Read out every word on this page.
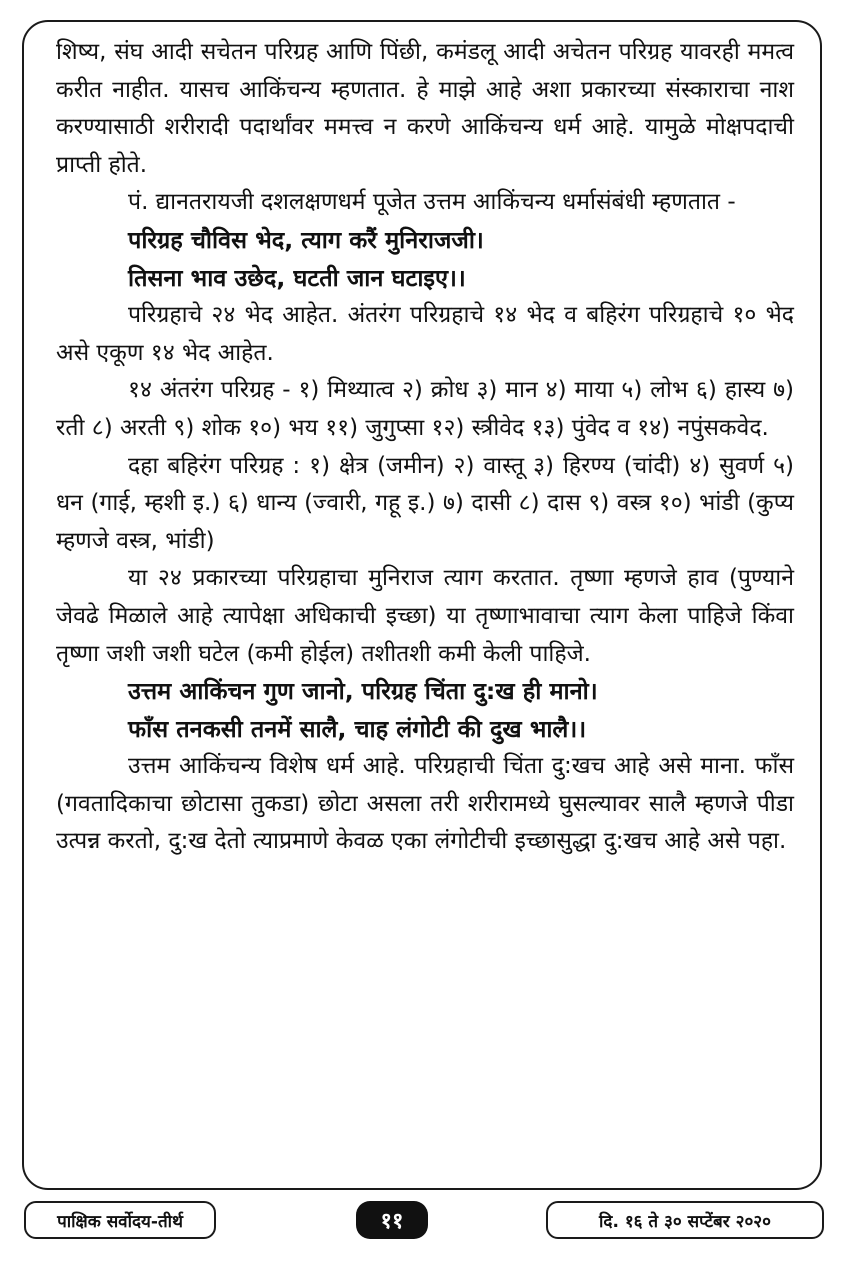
शिष्य, संघ आदी सचेतन परिग्रह आणि पिंछी, कमंडलू आदी अचेतन परिग्रह यावरही ममत्व करीत नाहीत. यासच आकिंचन्य म्हणतात. हे माझे आहे अशा प्रकारच्या संस्काराचा नाश करण्यासाठी शरीरादी पदार्थांवर ममत्त्व न करणे आकिंचन्य धर्म आहे. यामुळे मोक्षपदाची प्राप्ती होते.

पं. द्यानतरायजी दशलक्षणधर्म पूजेत उत्तम आकिंचन्य धर्मासंबंधी म्हणतात -

परिग्रह चौविस भेद, त्याग करैं मुनिराजजी।

तिसना भाव उछेद, घटती जान घटाइए।।

परिग्रहाचे २४ भेद आहेत. अंतरंग परिग्रहाचे १४ भेद व बहिरंग परिग्रहाचे १० भेद असे एकूण १४ भेद आहेत.

१४ अंतरंग परिग्रह - १) मिथ्यात्व २) क्रोध ३) मान ४) माया ५) लोभ ६) हास्य ७) रती ८) अरती ९) शोक १०) भय ११) जुगुप्सा १२) स्त्रीवेद १३) पुंवेद व १४) नपुंसकवेद.

दहा बहिरंग परिग्रह : १) क्षेत्र (जमीन) २) वास्तू ३) हिरण्य (चांदी) ४) सुवर्ण ५) धन (गाई, म्हशी इ.) ६) धान्य (ज्वारी, गहू इ.) ७) दासी ८) दास ९) वस्त्र १०) भांडी (कुप्य म्हणजे वस्त्र, भांडी)

या २४ प्रकारच्या परिग्रहाचा मुनिराज त्याग करतात. तृष्णा म्हणजे हाव (पुण्याने जेवढे मिळाले आहे त्यापेक्षा अधिकाची इच्छा) या तृष्णाभावाचा त्याग केला पाहिजे किंवा तृष्णा जशी जशी घटेल (कमी होईल) तशीतशी कमी केली पाहिजे.

उत्तम आकिंचन गुण जानो, परिग्रह चिंता दु:ख ही मानो।

फाँस तनकसी तनमें सालै, चाह लंगोटी की दुख भालै।।

उत्तम आकिंचन्य विशेष धर्म आहे. परिग्रहाची चिंता दु:खच आहे असे माना. फाँस (गवतादिकाचा छोटासा तुकडा) छोटा असला तरी शरीरामध्ये घुसल्यावर सालै म्हणजे पीडा उत्पन्न करतो, दु:ख देतो त्याप्रमाणे केवळ एका लंगोटीची इच्छासुद्धा दु:खच आहे असे पहा.

पाक्षिक सर्वोदय-तीर्थ	११	दि. १६ ते ३० सप्टेंबर २०२०
